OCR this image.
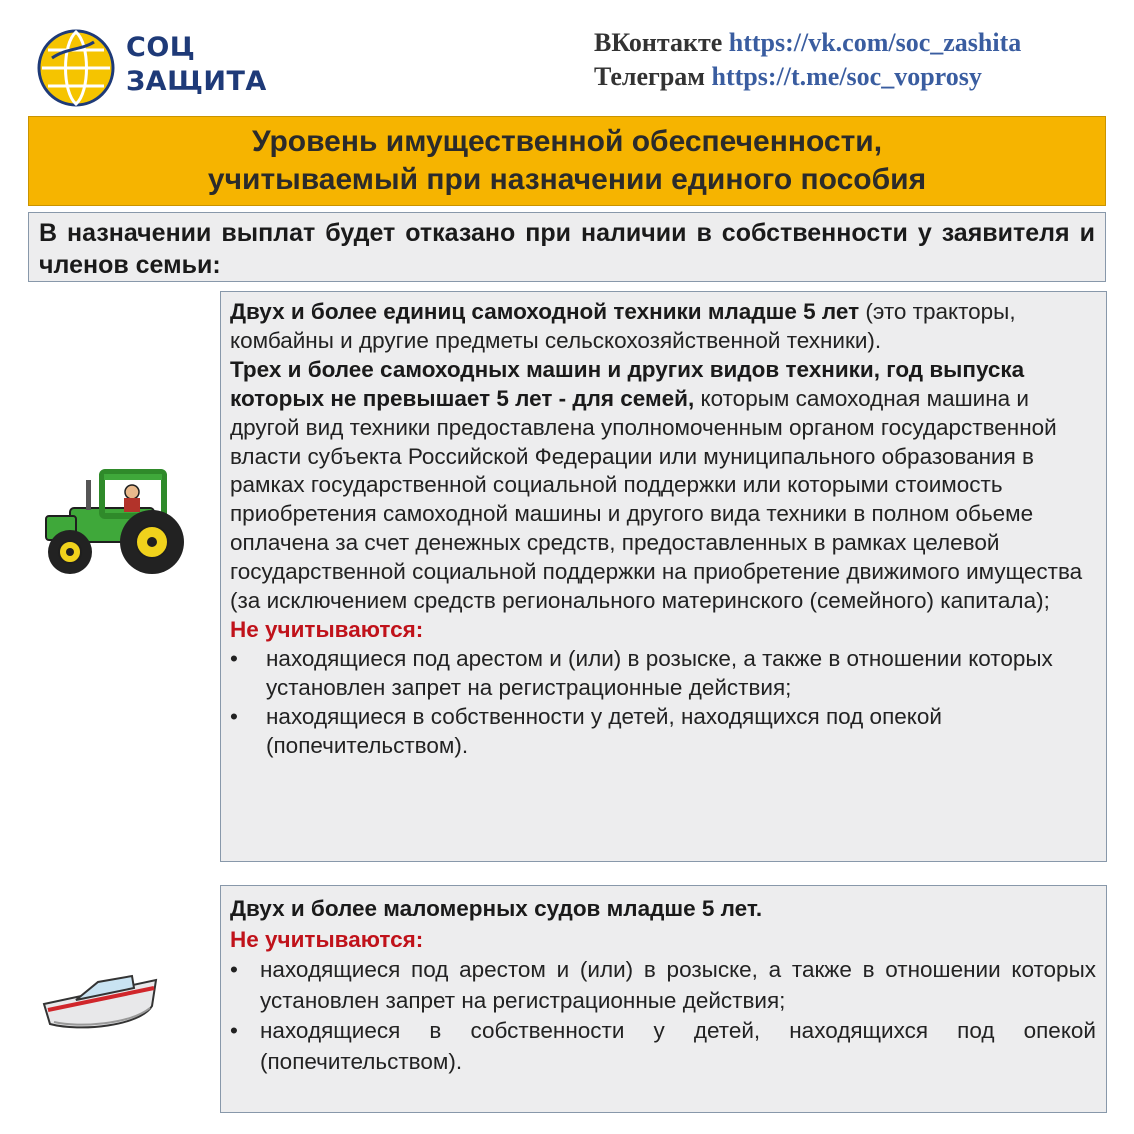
СОЦ
ЗАЩИТА
ВКонтакте https://vk.com/soc_zashita
Телеграм https://t.me/soc_voprosy
Уровень имущественной обеспеченности,
учитываемый при назначении единого пособия
В назначении выплат будет отказано при наличии в собственности у заявителя и членов семьи:
Двух и более единиц самоходной техники младше 5 лет (это тракторы, комбайны и другие предметы сельскохозяйственной техники).
Трех и более самоходных машин и других видов техники, год выпуска которых не превышает 5 лет - для семей, которым самоходная машина и другой вид техники предоставлена уполномоченным органом государственной власти субъекта Российской Федерации или муниципального образования в рамках государственной социальной поддержки или которыми стоимость приобретения самоходной машины и другого вида техники в полном обьеме оплачена за счет денежных средств, предоставленных в рамках целевой государственной социальной поддержки на приобретение движимого имущества (за исключением средств регионального материнского (семейного) капитала);
Не учитываются:
• находящиеся под арестом и (или) в розыске, а также в отношении которых установлен запрет на регистрационные действия;
• находящиеся в собственности у детей, находящихся под опекой (попечительством).
Двух и более маломерных судов младше 5 лет.
Не учитываются:
• находящиеся под арестом и (или) в розыске, а также в отношении которых установлен запрет на регистрационные действия;
• находящиеся в собственности у детей, находящихся под опекой (попечительством).
